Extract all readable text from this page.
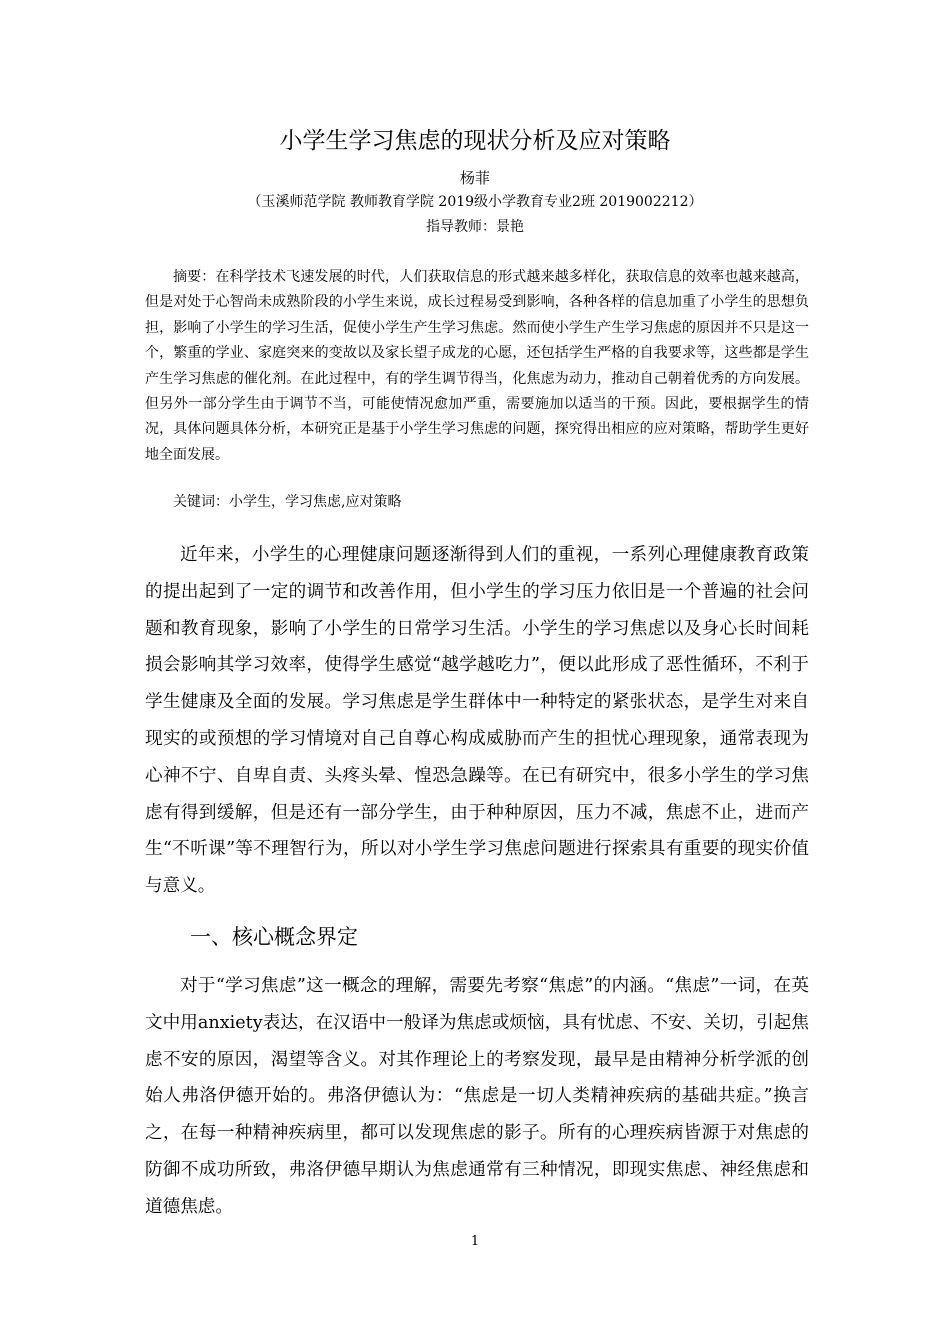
小学生学习焦虑的现状分析及应对策略
杨菲
（玉溪师范学院 教师教育学院 2019级小学教育专业2班 2019002212）
指导教师：景艳
摘要：在科学技术飞速发展的时代，人们获取信息的形式越来越多样化，获取信息的效率也越来越高，但是对处于心智尚未成熟阶段的小学生来说，成长过程易受到影响，各种各样的信息加重了小学生的思想负担，影响了小学生的学习生活，促使小学生产生学习焦虑。然而使小学生产生学习焦虑的原因并不只是这一个，繁重的学业、家庭突来的变故以及家长望子成龙的心愿，还包括学生严格的自我要求等，这些都是学生产生学习焦虑的催化剂。在此过程中，有的学生调节得当，化焦虑为动力，推动自己朝着优秀的方向发展。但另外一部分学生由于调节不当，可能使情况愈加严重，需要施加以适当的干预。因此，要根据学生的情况，具体问题具体分析，本研究正是基于小学生学习焦虑的问题，探究得出相应的应对策略，帮助学生更好地全面发展。
关键词：小学生，学习焦虑,应对策略
近年来，小学生的心理健康问题逐渐得到人们的重视，一系列心理健康教育政策的提出起到了一定的调节和改善作用，但小学生的学习压力依旧是一个普遍的社会问题和教育现象，影响了小学生的日常学习生活。小学生的学习焦虑以及身心长时间耗损会影响其学习效率，使得学生感觉“越学越吃力”，便以此形成了恶性循环，不利于学生健康及全面的发展。学习焦虑是学生群体中一种特定的紧张状态，是学生对来自现实的或预想的学习情境对自己自尊心构成威胁而产生的担忧心理现象，通常表现为心神不宁、自卑自责、头疼头晕、惶恐急躁等。在已有研究中，很多小学生的学习焦虑有得到缓解，但是还有一部分学生，由于种种原因，压力不减，焦虑不止，进而产生“不听课”等不理智行为，所以对小学生学习焦虑问题进行探索具有重要的现实价值与意义。
一、核心概念界定
对于“学习焦虑”这一概念的理解，需要先考察“焦虑”的内涵。“焦虑”一词，在英文中用anxiety表达，在汉语中一般译为焦虑或烦恼，具有忧虑、不安、关切，引起焦虑不安的原因，渴望等含义。对其作理论上的考察发现，最早是由精神分析学派的创始人弗洛伊德开始的。弗洛伊德认为：“焦虑是一切人类精神疾病的基础共症。”换言之，在每一种精神疾病里，都可以发现焦虑的影子。所有的心理疾病皆源于对焦虑的防御不成功所致，弗洛伊德早期认为焦虑通常有三种情况，即现实焦虑、神经焦虑和道德焦虑。
1
